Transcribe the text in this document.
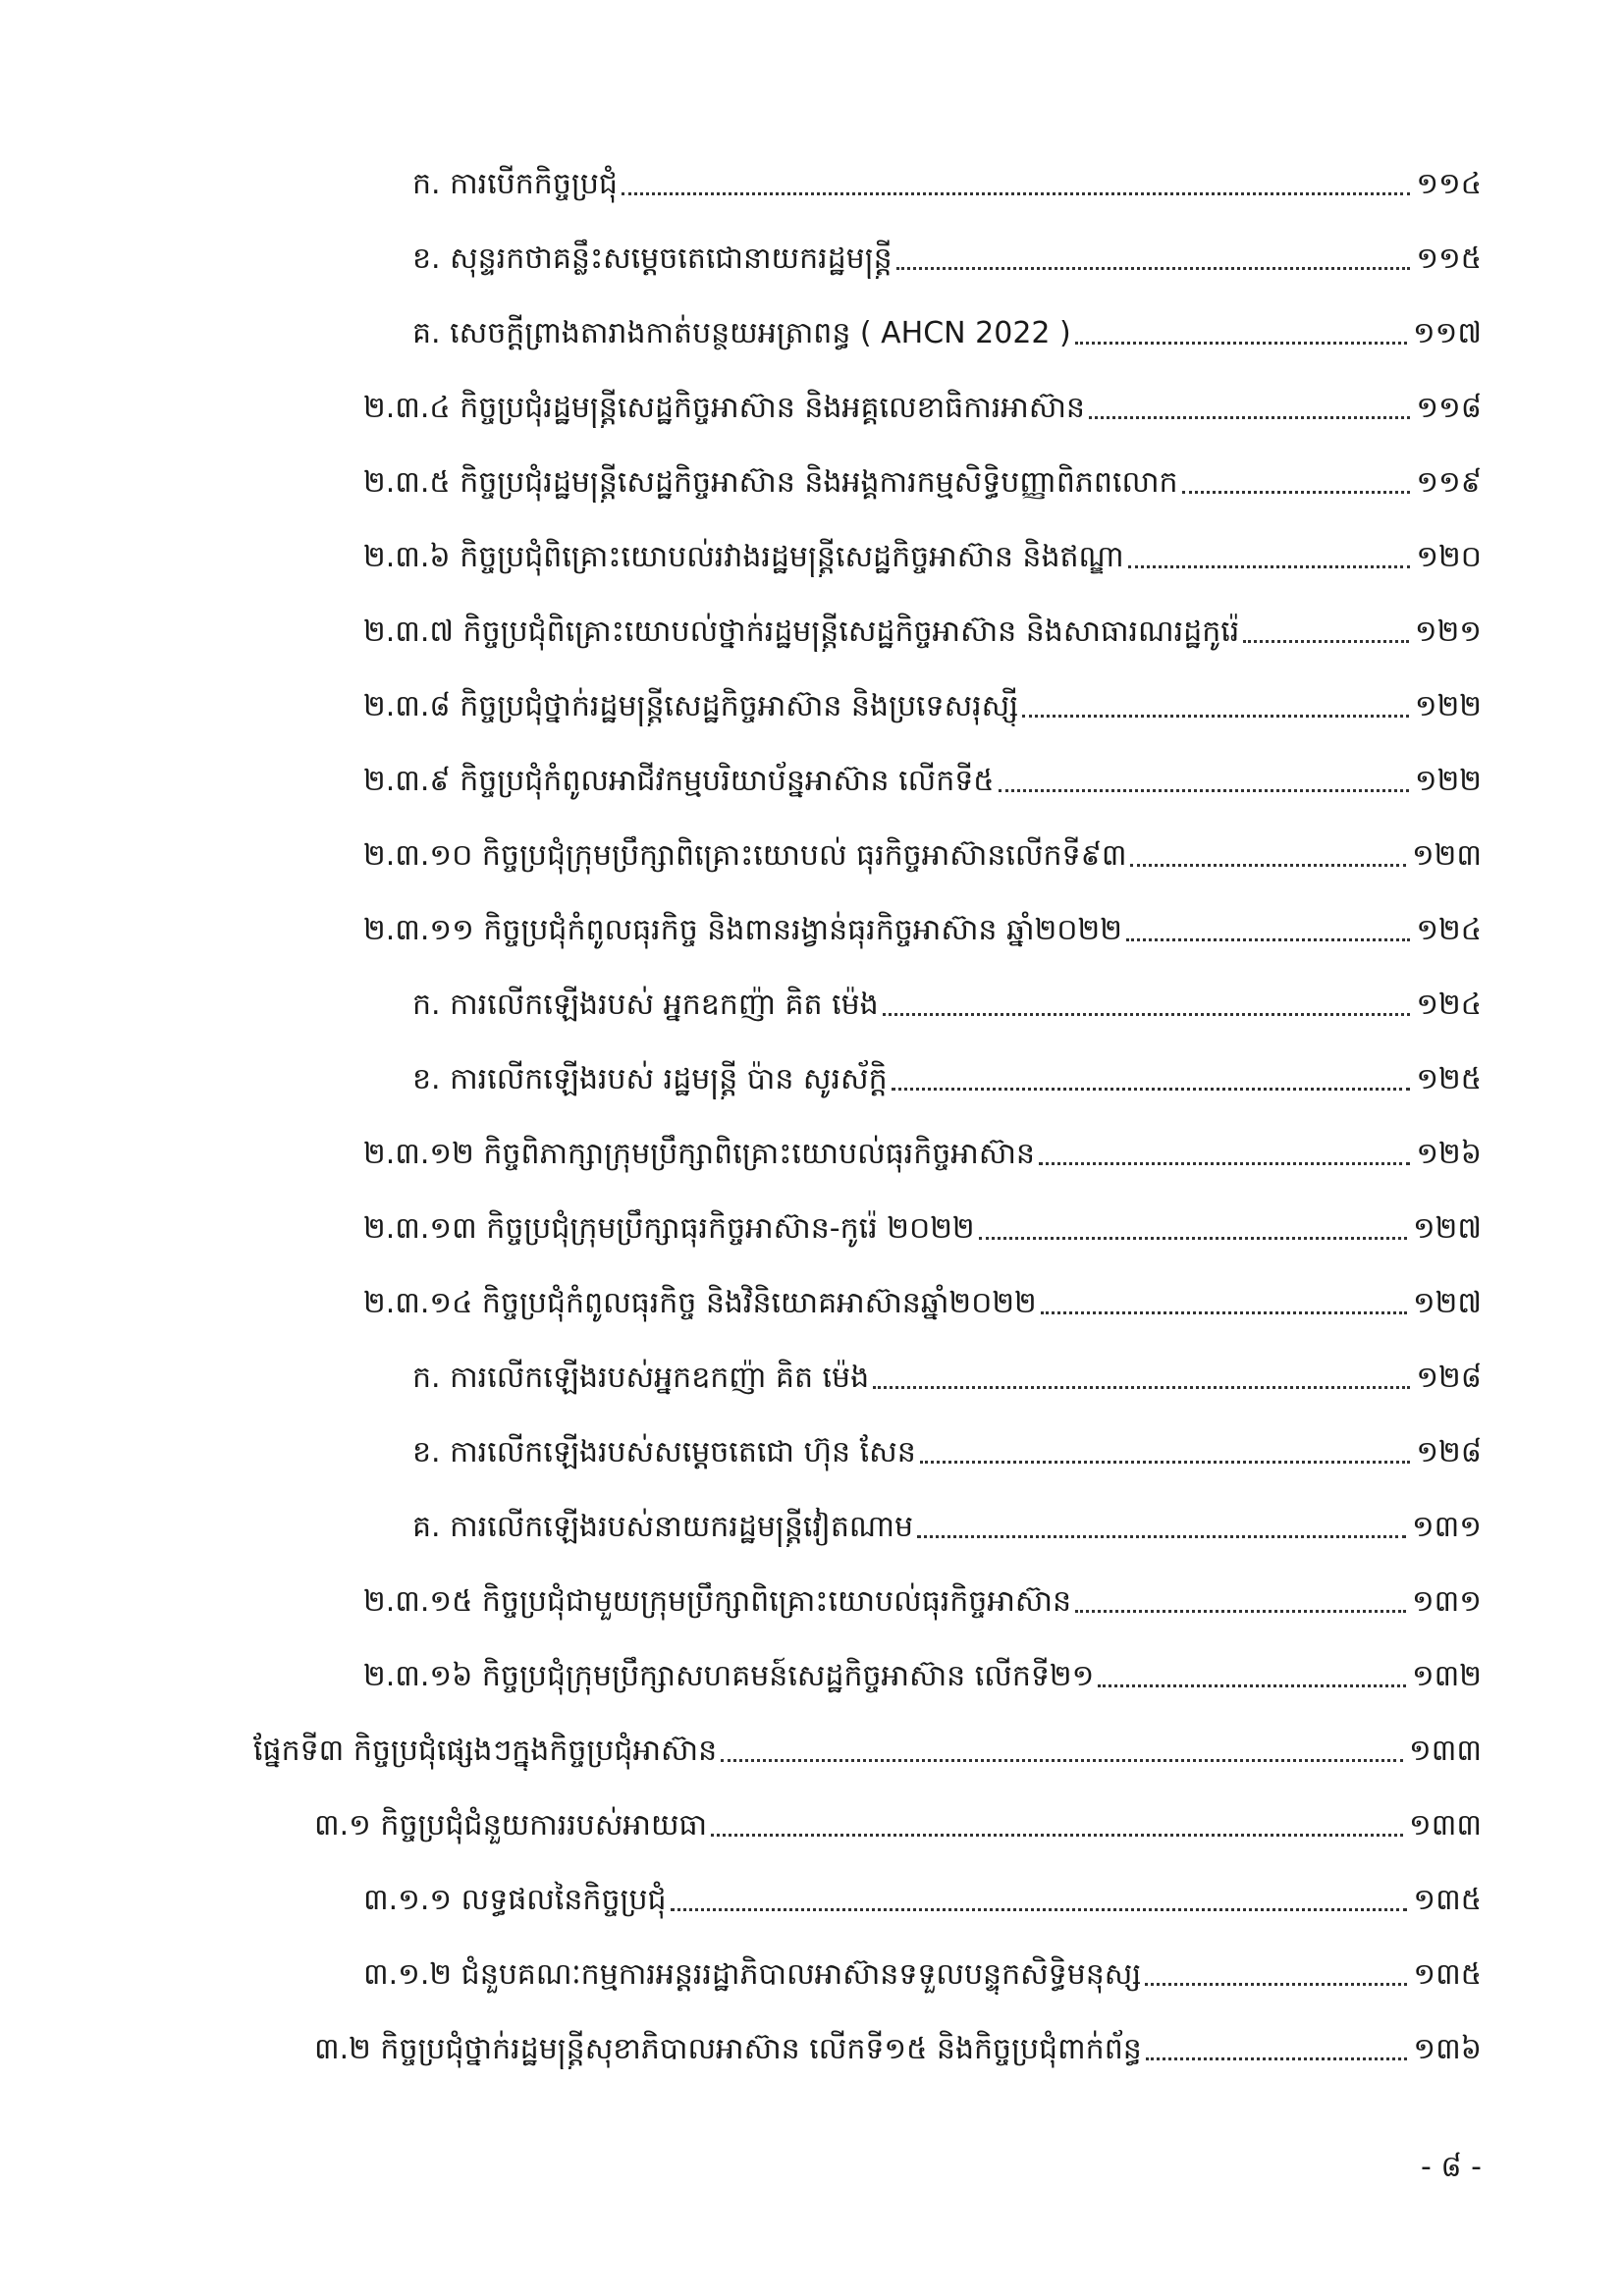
ក. ការបើកកិច្ចប្រជុំ	១១៤
ខ. សុន្ទរកថាគន្លឹះសម្តេចតេជោនាយករដ្ឋមន្ត្រី	១១៥
គ. សេចក្តីព្រាងតារាងកាត់បន្ថយអត្រាពន្ធ ( AHCN 2022 )	១១៧
២.៣.៤ កិច្ចប្រជុំរដ្ឋមន្ត្រីសេដ្ឋកិច្ចអាស៊ាន និងអគ្គលេខាធិការអាស៊ាន	១១៨
២.៣.៥ កិច្ចប្រជុំរដ្ឋមន្ត្រីសេដ្ឋកិច្ចអាស៊ាន និងអង្គការកម្មសិទ្ធិបញ្ញាពិភពលោក	១១៩
២.៣.៦ កិច្ចប្រជុំពិគ្រោះយោបល់រវាងរដ្ឋមន្ត្រីសេដ្ឋកិច្ចអាស៊ាន និងឥណ្ឌា	១២០
២.៣.៧ កិច្ចប្រជុំពិគ្រោះយោបល់ថ្នាក់រដ្ឋមន្ត្រីសេដ្ឋកិច្ចអាស៊ាន និងសាធារណរដ្ឋកូរ៉េ	១២១
២.៣.៨ កិច្ចប្រជុំថ្នាក់រដ្ឋមន្ត្រីសេដ្ឋកិច្ចអាស៊ាន និងប្រទេសរុស្ស៊ី	១២២
២.៣.៩ កិច្ចប្រជុំកំពូលអាជីវកម្មបរិយាប័ន្នអាស៊ាន លើកទី៥	១២២
២.៣.១០ កិច្ចប្រជុំក្រុមប្រឹក្សាពិគ្រោះយោបល់ ធុរកិច្ចអាស៊ានលើកទី៩៣	១២៣
២.៣.១១ កិច្ចប្រជុំកំពូលធុរកិច្ច និងពានរង្វាន់ធុរកិច្ចអាស៊ាន ឆ្នាំ២០២២	១២៤
ក. ការលើកឡើងរបស់ អ្នកឧកញ៉ា គិត ម៉េង	១២៤
ខ. ការលើកឡើងរបស់ រដ្ឋមន្ត្រី ប៉ាន សូរស័ក្តិ	១២៥
២.៣.១២ កិច្ចពិភាក្សាក្រុមប្រឹក្សាពិគ្រោះយោបល់ធុរកិច្ចអាស៊ាន	១២៦
២.៣.១៣ កិច្ចប្រជុំក្រុមប្រឹក្សាធុរកិច្ចអាស៊ាន-កូរ៉េ ២០២២	១២៧
២.៣.១៤ កិច្ចប្រជុំកំពូលធុរកិច្ច និងវិនិយោគអាស៊ានឆ្នាំ២០២២	១២៧
ក. ការលើកឡើងរបស់អ្នកឧកញ៉ា គិត ម៉េង	១២៨
ខ. ការលើកឡើងរបស់សម្តេចតេជោ ហ៊ុន សែន	១២៨
គ. ការលើកឡើងរបស់នាយករដ្ឋមន្ត្រីវៀតណាម	១៣១
២.៣.១៥ កិច្ចប្រជុំជាមួយក្រុមប្រឹក្សាពិគ្រោះយោបល់ធុរកិច្ចអាស៊ាន	១៣១
២.៣.១៦ កិច្ចប្រជុំក្រុមប្រឹក្សាសហគមន៍សេដ្ឋកិច្ចអាស៊ាន លើកទី២១	១៣២
ផ្នែកទី៣ កិច្ចប្រជុំផ្សេងៗក្នុងកិច្ចប្រជុំអាស៊ាន	១៣៣
៣.១ កិច្ចប្រជុំជំនួយការរបស់អាយធា	១៣៣
៣.១.១ លទ្ធផលនៃកិច្ចប្រជុំ	១៣៥
៣.១.២ ជំនួបគណៈកម្មការអន្តររដ្ឋាភិបាលអាស៊ានទទួលបន្ទុកសិទ្ធិមនុស្ស	១៣៥
៣.២ កិច្ចប្រជុំថ្នាក់រដ្ឋមន្ត្រីសុខាភិបាលអាស៊ាន លើកទី១៥ និងកិច្ចប្រជុំពាក់ព័ន្ធ	១៣៦
- ៨ -
